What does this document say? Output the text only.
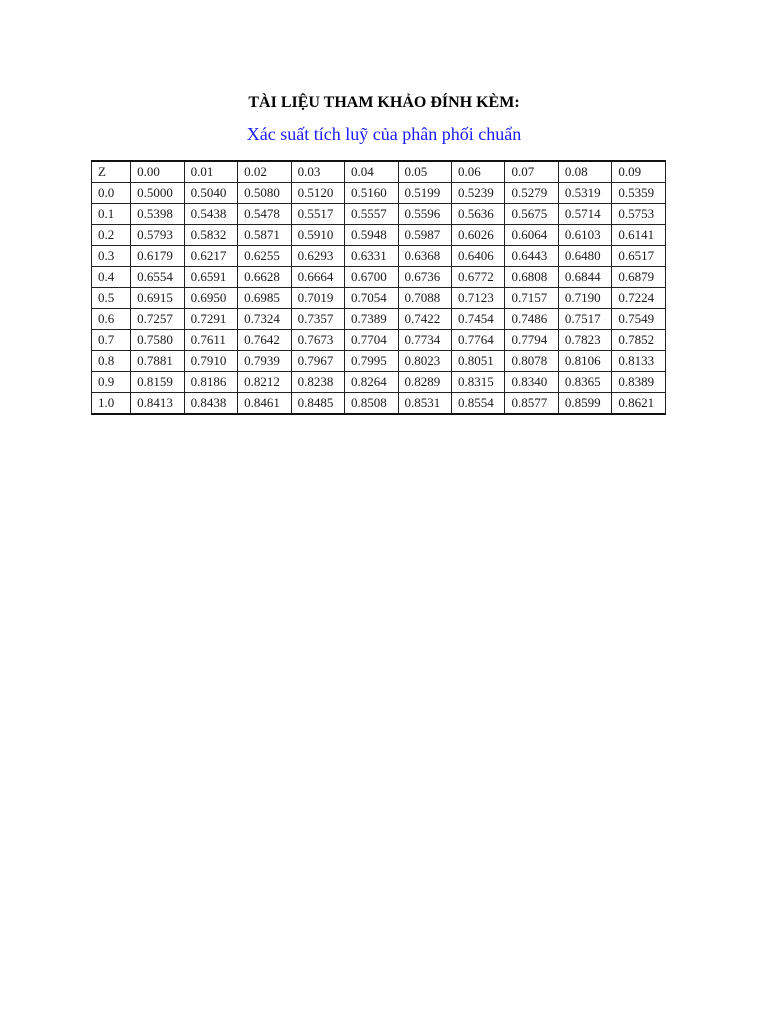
TÀI LIỆU THAM KHẢO ĐÍNH KÈM:
Xác suất tích luỹ của phân phối chuẩn
Z	0.00	0.01	0.02	0.03	0.04	0.05	0.06	0.07	0.08	0.09
0.0	0.5000	0.5040	0.5080	0.5120	0.5160	0.5199	0.5239	0.5279	0.5319	0.5359
0.1	0.5398	0.5438	0.5478	0.5517	0.5557	0.5596	0.5636	0.5675	0.5714	0.5753
0.2	0.5793	0.5832	0.5871	0.5910	0.5948	0.5987	0.6026	0.6064	0.6103	0.6141
0.3	0.6179	0.6217	0.6255	0.6293	0.6331	0.6368	0.6406	0.6443	0.6480	0.6517
0.4	0.6554	0.6591	0.6628	0.6664	0.6700	0.6736	0.6772	0.6808	0.6844	0.6879
0.5	0.6915	0.6950	0.6985	0.7019	0.7054	0.7088	0.7123	0.7157	0.7190	0.7224
0.6	0.7257	0.7291	0.7324	0.7357	0.7389	0.7422	0.7454	0.7486	0.7517	0.7549
0.7	0.7580	0.7611	0.7642	0.7673	0.7704	0.7734	0.7764	0.7794	0.7823	0.7852
0.8	0.7881	0.7910	0.7939	0.7967	0.7995	0.8023	0.8051	0.8078	0.8106	0.8133
0.9	0.8159	0.8186	0.8212	0.8238	0.8264	0.8289	0.8315	0.8340	0.8365	0.8389
1.0	0.8413	0.8438	0.8461	0.8485	0.8508	0.8531	0.8554	0.8577	0.8599	0.8621
